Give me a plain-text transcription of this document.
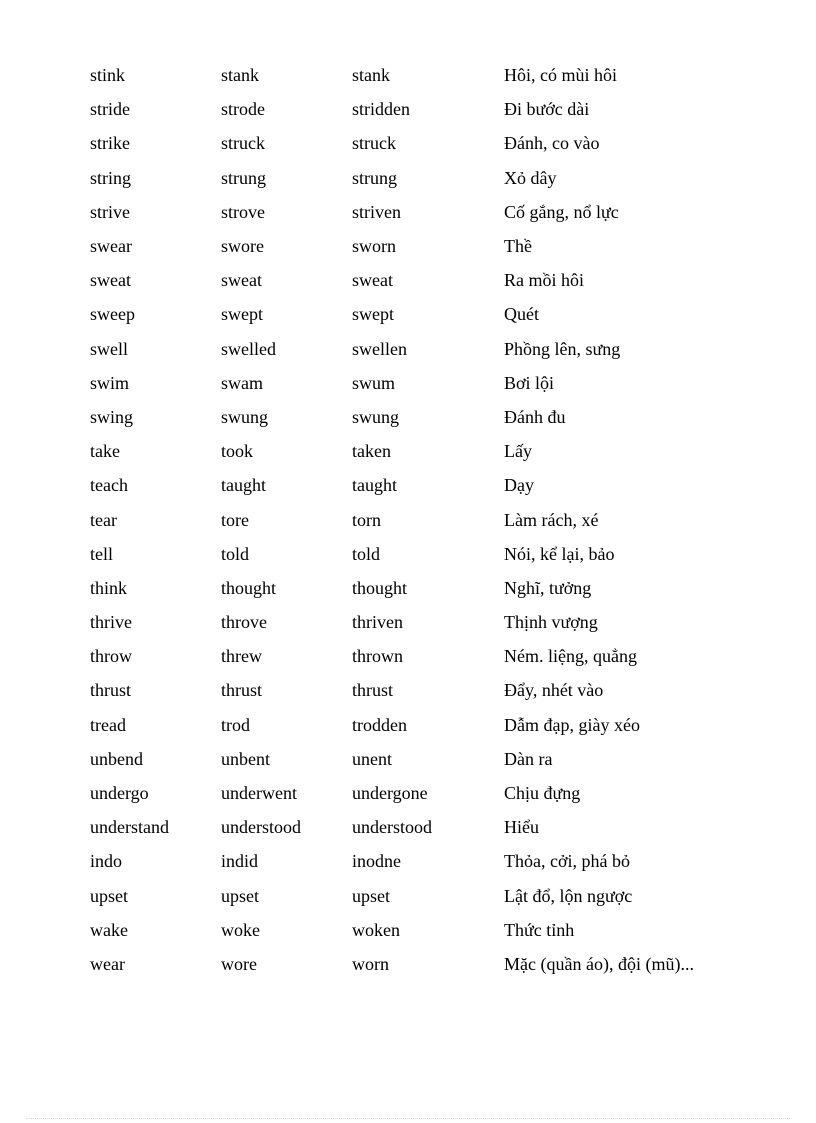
stink	stank	stank	Hôi, có mùi hôi
stride	strode	stridden	Đi bước dài
strike	struck	struck	Đánh, co vào
string	strung	strung	Xỏ dây
strive	strove	striven	Cố gắng, nổ lực
swear	swore	sworn	Thề
sweat	sweat	sweat	Ra mồi hôi
sweep	swept	swept	Quét
swell	swelled	swellen	Phồng lên, sưng
swim	swam	swum	Bơi lội
swing	swung	swung	Đánh đu
take	took	taken	Lấy
teach	taught	taught	Dạy
tear	tore	torn	Làm rách, xé
tell	told	told	Nói, kể lại, bảo
think	thought	thought	Nghĩ, tưởng
thrive	throve	thriven	Thịnh vượng
throw	threw	thrown	Ném. liệng, quẳng
thrust	thrust	thrust	Đẩy, nhét vào
tread	trod	trodden	Dẫm đạp, giày xéo
unbend	unbent	unent	Dàn ra
undergo	underwent	undergone	Chịu đựng
understand	understood	understood	Hiểu
indo	indid	inodne	Thỏa, cởi, phá bỏ
upset	upset	upset	Lật đổ, lộn ngược
wake	woke	woken	Thức tỉnh
wear	wore	worn	Mặc (quần áo), đội (mũ)...
